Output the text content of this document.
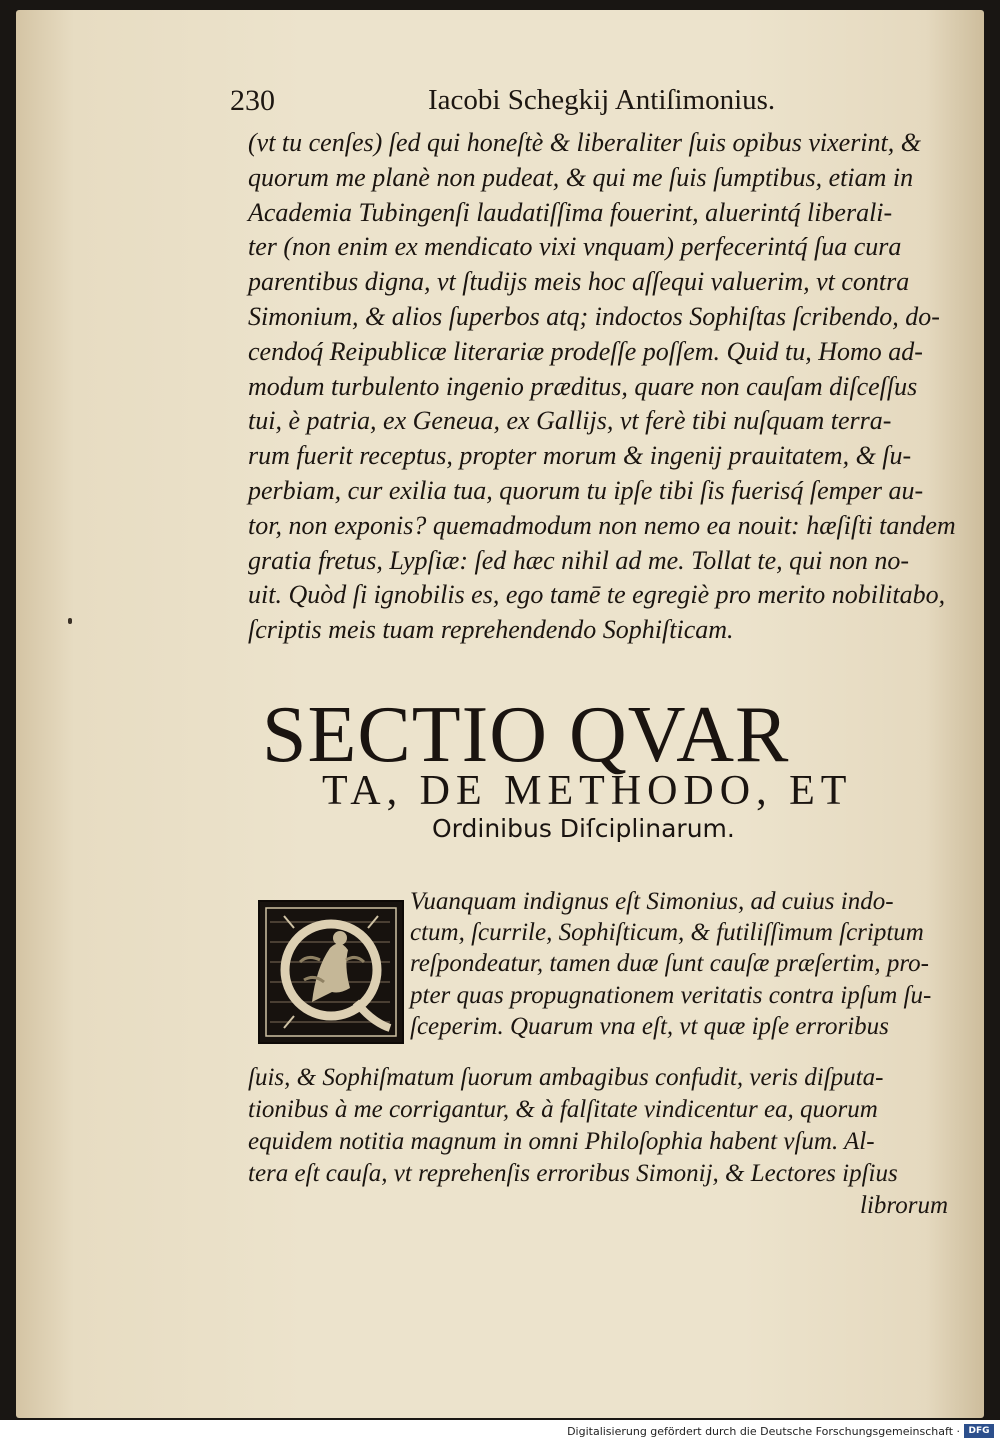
230	Iacobi Schegkij Antiſimonius.
(vt tu cenſes) ſed qui honeſtè & liberaliter ſuis opibus vixerint, &
quorum me planè non pudeat, & qui me ſuis ſumptibus, etiam in
Academia Tubingenſi laudatiſſima fouerint, aluerintq́ liberali-
ter (non enim ex mendicato vixi vnquam) perfecerintq́ ſua cura
parentibus digna, vt ſtudijs meis hoc aſſequi valuerim, vt contra
Simonium, & alios ſuperbos atq; indoctos Sophiſtas ſcribendo, do-
cendoq́ Reipublicæ literariæ prodeſſe poſſem. Quid tu, Homo ad-
modum turbulento ingenio præditus, quare non cauſam diſceſſus
tui, è patria, ex Geneua, ex Gallijs, vt ferè tibi nuſquam terra-
rum fuerit receptus, propter morum & ingenij prauitatem, & ſu-
perbiam, cur exilia tua, quorum tu ipſe tibi ſis fuerisq́ ſemper au-
tor, non exponis? quemadmodum non nemo ea nouit: hæſiſti tandem
gratia fretus, Lypſiæ: ſed hæc nihil ad me. Tollat te, qui non no-
uit. Quòd ſi ignobilis es, ego tamē te egregiè pro merito nobilitabo,
ſcriptis meis tuam reprehendendo Sophiſticam.
SECTIO QVAR
TA, DE METHODO, ET
Ordinibus Diſciplinarum.
Vuanquam indignus eſt Simonius, ad cuius indo-
ctum, ſcurrile, Sophiſticum, & futiliſſimum ſcriptum
reſpondeatur, tamen duæ ſunt cauſæ præſertim, pro-
pter quas propugnationem veritatis contra ipſum ſu-
ſceperim. Quarum vna eſt, vt quæ ipſe erroribus
ſuis, & Sophiſmatum ſuorum ambagibus confudit, veris diſputa-
tionibus à me corrigantur, & à falſitate vindicentur ea, quorum
equidem notitia magnum in omni Philoſophia habent vſum. Al-
tera eſt cauſa, vt reprehenſis erroribus Simonij, & Lectores ipſius
librorum
Digitalisierung gefördert durch die Deutsche Forschungsgemeinschaft · DFG
